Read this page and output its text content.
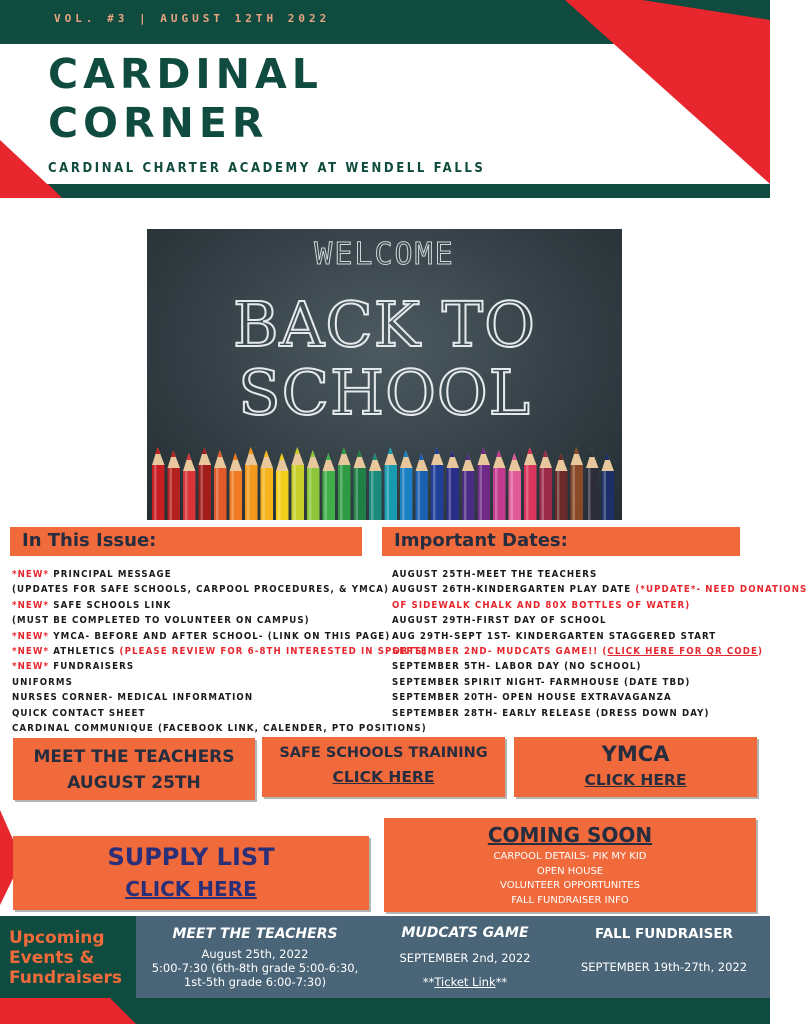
VOL. #3 | AUGUST 12TH 2022
CARDINAL
CORNER
CARDINAL CHARTER ACADEMY AT WENDELL FALLS
WELCOME
BACK TO
SCHOOL
In This Issue:
*NEW* PRINCIPAL MESSAGE
(UPDATES FOR SAFE SCHOOLS, CARPOOL PROCEDURES, & YMCA)
*NEW* SAFE SCHOOLS LINK
(MUST BE COMPLETED TO VOLUNTEER ON CAMPUS)
*NEW* YMCA- BEFORE AND AFTER SCHOOL- (LINK ON THIS PAGE)
*NEW* ATHLETICS (PLEASE REVIEW FOR 6-8TH INTERESTED IN SPORTS)
*NEW* FUNDRAISERS
UNIFORMS
NURSES CORNER- MEDICAL INFORMATION
QUICK CONTACT SHEET
CARDINAL COMMUNIQUE (FACEBOOK LINK, CALENDER, PTO POSITIONS)
Important Dates:
AUGUST 25TH-MEET THE TEACHERS
AUGUST 26TH-KINDERGARTEN PLAY DATE (*UPDATE*- NEED DONATIONS
OF SIDEWALK CHALK AND 80X BOTTLES OF WATER)
AUGUST 29TH-FIRST DAY OF SCHOOL
AUG 29TH-SEPT 1ST- KINDERGARTEN STAGGERED START
SEPTEMBER 2ND- MUDCATS GAME!! (CLICK HERE FOR QR CODE)
SEPTEMBER 5TH- LABOR DAY (NO SCHOOL)
SEPTEMBER SPIRIT NIGHT- FARMHOUSE (DATE TBD)
SEPTEMBER 20TH- OPEN HOUSE EXTRAVAGANZA
SEPTEMBER 28TH- EARLY RELEASE (DRESS DOWN DAY)
MEET THE TEACHERS
AUGUST 25TH
SAFE SCHOOLS TRAINING
CLICK HERE
YMCA
CLICK HERE
SUPPLY LIST
CLICK HERE
COMING SOON
CARPOOL DETAILS- PIK MY KID
OPEN HOUSE
VOLUNTEER OPPORTUNITES
FALL FUNDRAISER INFO
Upcoming
Events &
Fundraisers
MEET THE TEACHERS
August 25th, 2022
5:00-7:30 (6th-8th grade 5:00-6:30,
1st-5th grade 6:00-7:30)
MUDCATS GAME
SEPTEMBER 2nd, 2022
**Ticket Link**
FALL FUNDRAISER
SEPTEMBER 19th-27th, 2022
